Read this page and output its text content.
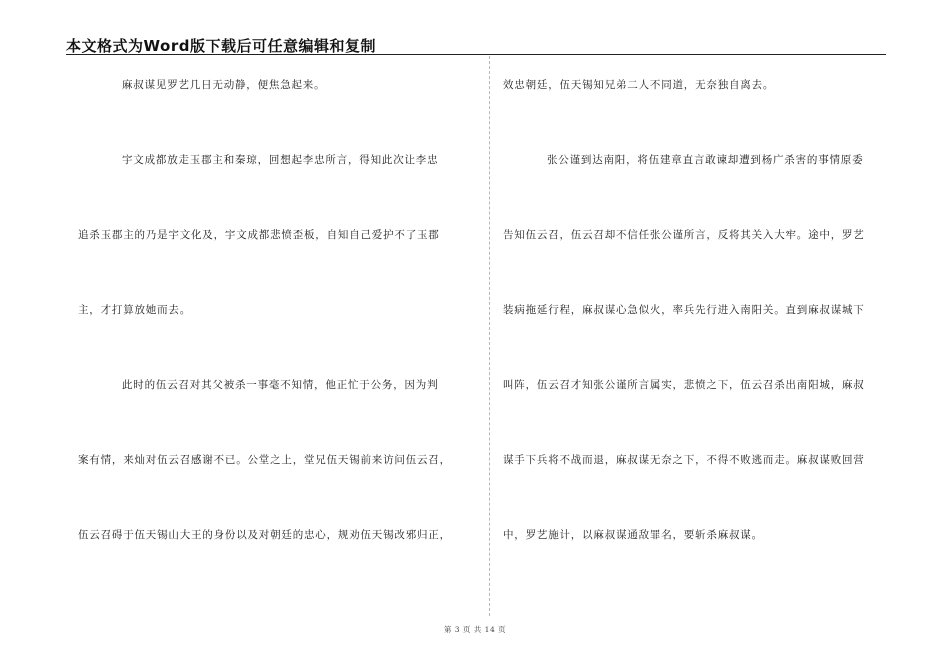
本文格式为Word版下载后可任意编辑和复制
麻叔谋见罗艺几日无动静，便焦急起来。
宇文成都放走玉郡主和秦琼，回想起李忠所言，得知此次让李忠
追杀玉郡主的乃是宇文化及，宇文成都悲愤歪板，自知自己爱护不了玉郡
主，才打算放她而去。
此时的伍云召对其父被杀一事毫不知情，他正忙于公务，因为判
案有情，来灿对伍云召感谢不已。公堂之上，堂兄伍天锡前来访问伍云召，
伍云召碍于伍天锡山大王的身份以及对朝廷的忠心，规劝伍天锡改邪归正，
效忠朝廷，伍天锡知兄弟二人不同道，无奈独自离去。
张公谨到达南阳，将伍建章直言敢谏却遭到杨广杀害的事情原委
告知伍云召，伍云召却不信任张公谨所言，反将其关入大牢。途中，罗艺
装病拖延行程，麻叔谋心急似火，率兵先行进入南阳关。直到麻叔谋城下
叫阵，伍云召才知张公谨所言属实，悲愤之下，伍云召杀出南阳城，麻叔
谋手下兵将不战而退，麻叔谋无奈之下，不得不败逃而走。麻叔谋败回营
中，罗艺施计，以麻叔谋通敌罪名，要斩杀麻叔谋。
第 3 页 共 14 页
